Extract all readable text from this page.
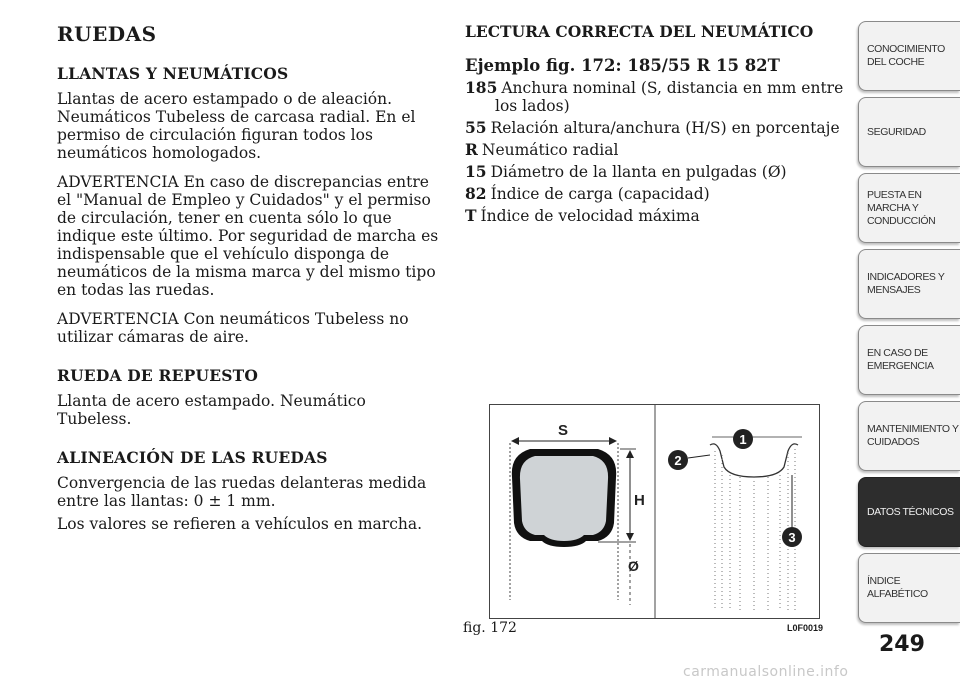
RUEDAS
LLANTAS Y NEUMÁTICOS

Llantas de acero estampado o de aleación. Neumáticos Tubeless de carcasa radial. En el permiso de circulación figuran todos los neumáticos homologados.

ADVERTENCIA En caso de discrepancias entre el "Manual de Empleo y Cuidados" y el permiso de circulación, tener en cuenta sólo lo que indique este último. Por seguridad de marcha es indispensable que el vehículo disponga de neumáticos de la misma marca y del mismo tipo en todas las ruedas.

ADVERTENCIA Con neumáticos Tubeless no utilizar cámaras de aire.

RUEDA DE REPUESTO

Llanta de acero estampado. Neumático Tubeless.

ALINEACIÓN DE LAS RUEDAS

Convergencia de las ruedas delanteras medida entre las llantas: 0 ± 1 mm.

Los valores se refieren a vehículos en marcha.

LECTURA CORRECTA DEL NEUMÁTICO
Ejemplo fig. 172: 185/55 R 15 82T
185 Anchura nominal (S, distancia en mm entre los lados)
55 Relación altura/anchura (H/S) en porcentaje
R Neumático radial
15 Diámetro de la llanta en pulgadas (Ø)
82 Índice de carga (capacidad)
T Índice de velocidad máxima
S
H
Ø
1
2
3
fig. 172	L0F0019
CONOCIMIENTO DEL COCHE
SEGURIDAD
PUESTA EN MARCHA Y CONDUCCIÓN
INDICADORES Y MENSAJES
EN CASO DE EMERGENCIA
MANTENIMIENTO Y CUIDADOS
DATOS TÉCNICOS
ÍNDICE ALFABÉTICO
249
carmanualsonline.info
